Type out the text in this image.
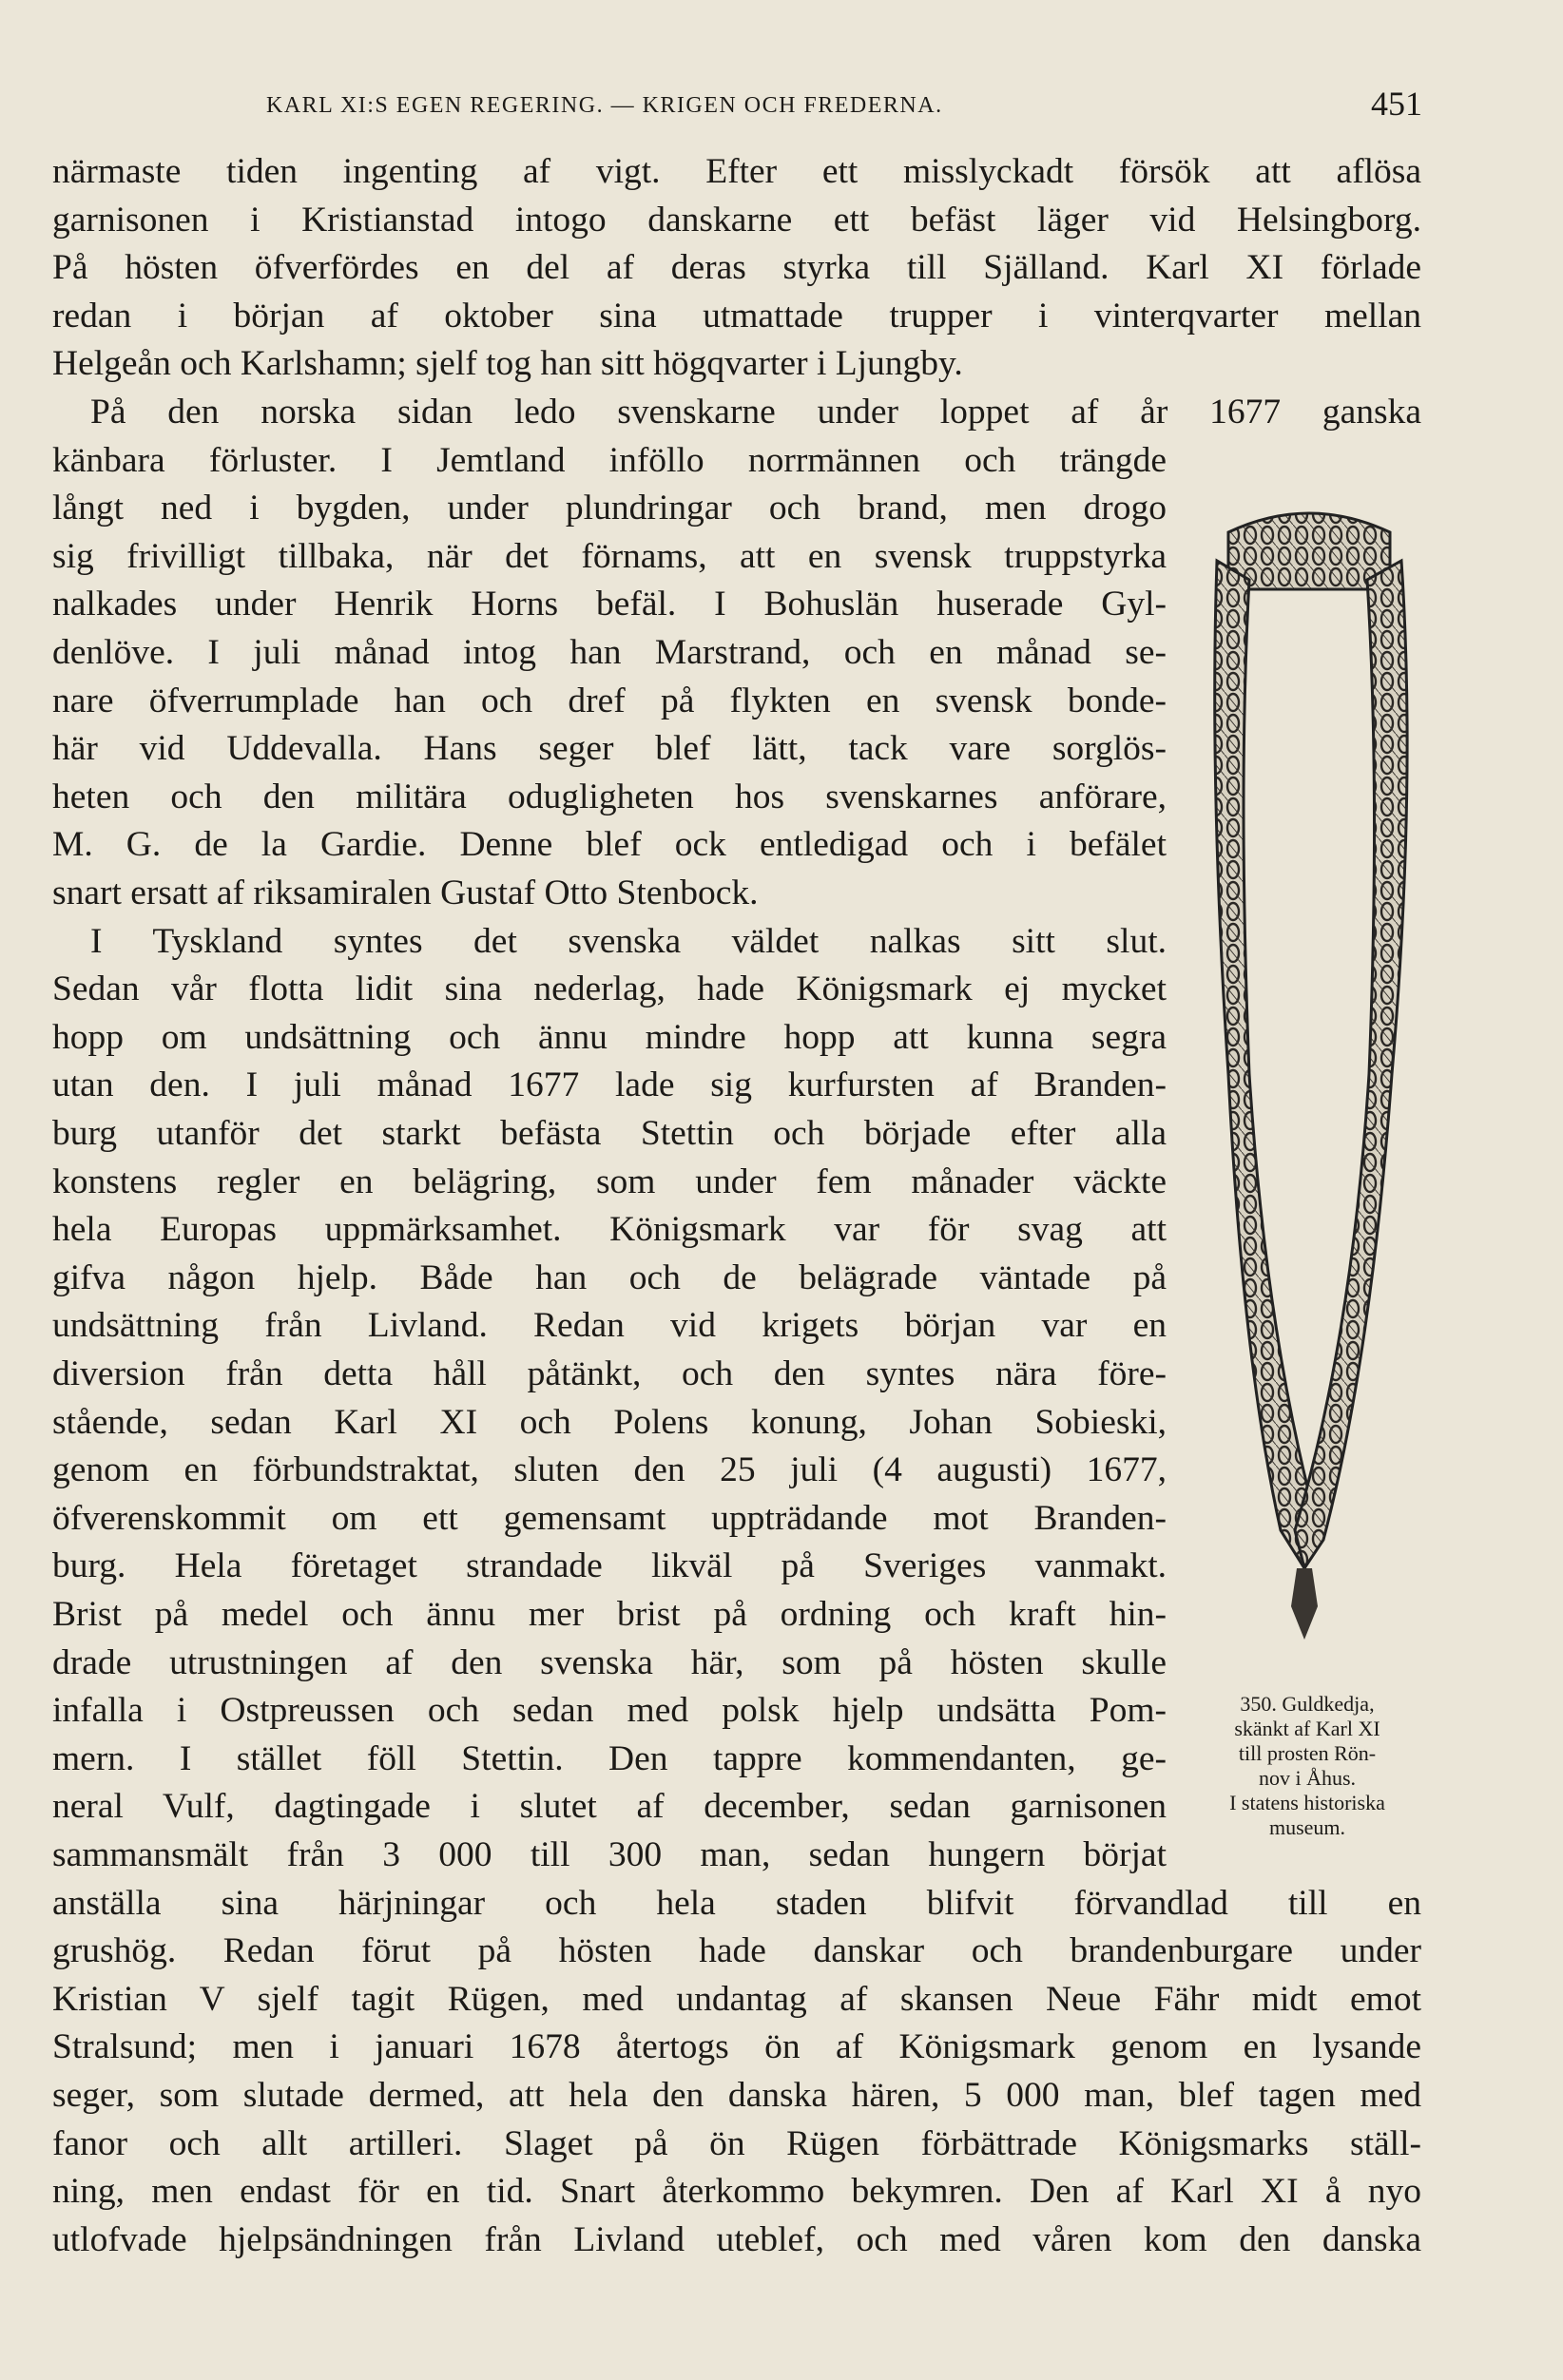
KARL XI:S EGEN REGERING. — KRIGEN OCH FREDERNA.	451
närmaste tiden ingenting af vigt. Efter ett misslyckadt försök att aflösa
garnisonen i Kristianstad intogo danskarne ett befäst läger vid Helsingborg.
På hösten öfverfördes en del af deras styrka till Själland. Karl XI förlade
redan i början af oktober sina utmattade trupper i vinterqvarter mellan
Helgeån och Karlshamn; sjelf tog han sitt högqvarter i Ljungby.
På den norska sidan ledo svenskarne under loppet af år 1677 ganska
känbara förluster. I Jemtland inföllo norrmännen och trängde
långt ned i bygden, under plundringar och brand, men drogo
sig frivilligt tillbaka, när det förnams, att en svensk truppstyrka
nalkades under Henrik Horns befäl. I Bohuslän huserade Gyl-
denlöve. I juli månad intog han Marstrand, och en månad se-
nare öfverrumplade han och dref på flykten en svensk bonde-
här vid Uddevalla. Hans seger blef lätt, tack vare sorglös-
heten och den militära odugligheten hos svenskarnes anförare,
M. G. de la Gardie. Denne blef ock entledigad och i befälet
snart ersatt af riksamiralen Gustaf Otto Stenbock.
I Tyskland syntes det svenska väldet nalkas sitt slut.
Sedan vår flotta lidit sina nederlag, hade Königsmark ej mycket
hopp om undsättning och ännu mindre hopp att kunna segra
utan den. I juli månad 1677 lade sig kurfursten af Branden-
burg utanför det starkt befästa Stettin och började efter alla
konstens regler en belägring, som under fem månader väckte
hela Europas uppmärksamhet. Königsmark var för svag att
gifva någon hjelp. Både han och de belägrade väntade på
undsättning från Livland. Redan vid krigets början var en
diversion från detta håll påtänkt, och den syntes nära före-
stående, sedan Karl XI och Polens konung, Johan Sobieski,
genom en förbundstraktat, sluten den 25 juli (4 augusti) 1677,
öfverenskommit om ett gemensamt uppträdande mot Branden-
burg. Hela företaget strandade likväl på Sveriges vanmakt.
Brist på medel och ännu mer brist på ordning och kraft hin-
drade utrustningen af den svenska här, som på hösten skulle
infalla i Ostpreussen och sedan med polsk hjelp undsätta Pom-
mern. I stället föll Stettin. Den tappre kommendanten, ge-
neral Vulf, dagtingade i slutet af december, sedan garnisonen
sammansmält från 3 000 till 300 man, sedan hungern börjat
anställa sina härjningar och hela staden blifvit förvandlad till en
grushög. Redan förut på hösten hade danskar och brandenburgare under
Kristian V sjelf tagit Rügen, med undantag af skansen Neue Fähr midt emot
Stralsund; men i januari 1678 återtogs ön af Königsmark genom en lysande
seger, som slutade dermed, att hela den danska hären, 5 000 man, blef tagen med
fanor och allt artilleri. Slaget på ön Rügen förbättrade Königsmarks ställ-
ning, men endast för en tid. Snart återkommo bekymren. Den af Karl XI å nyo
utlofvade hjelpsändningen från Livland uteblef, och med våren kom den danska
350. Guldkedja,
skänkt af Karl XI
till prosten Rön-
nov i Åhus.
I statens historiska
museum.
